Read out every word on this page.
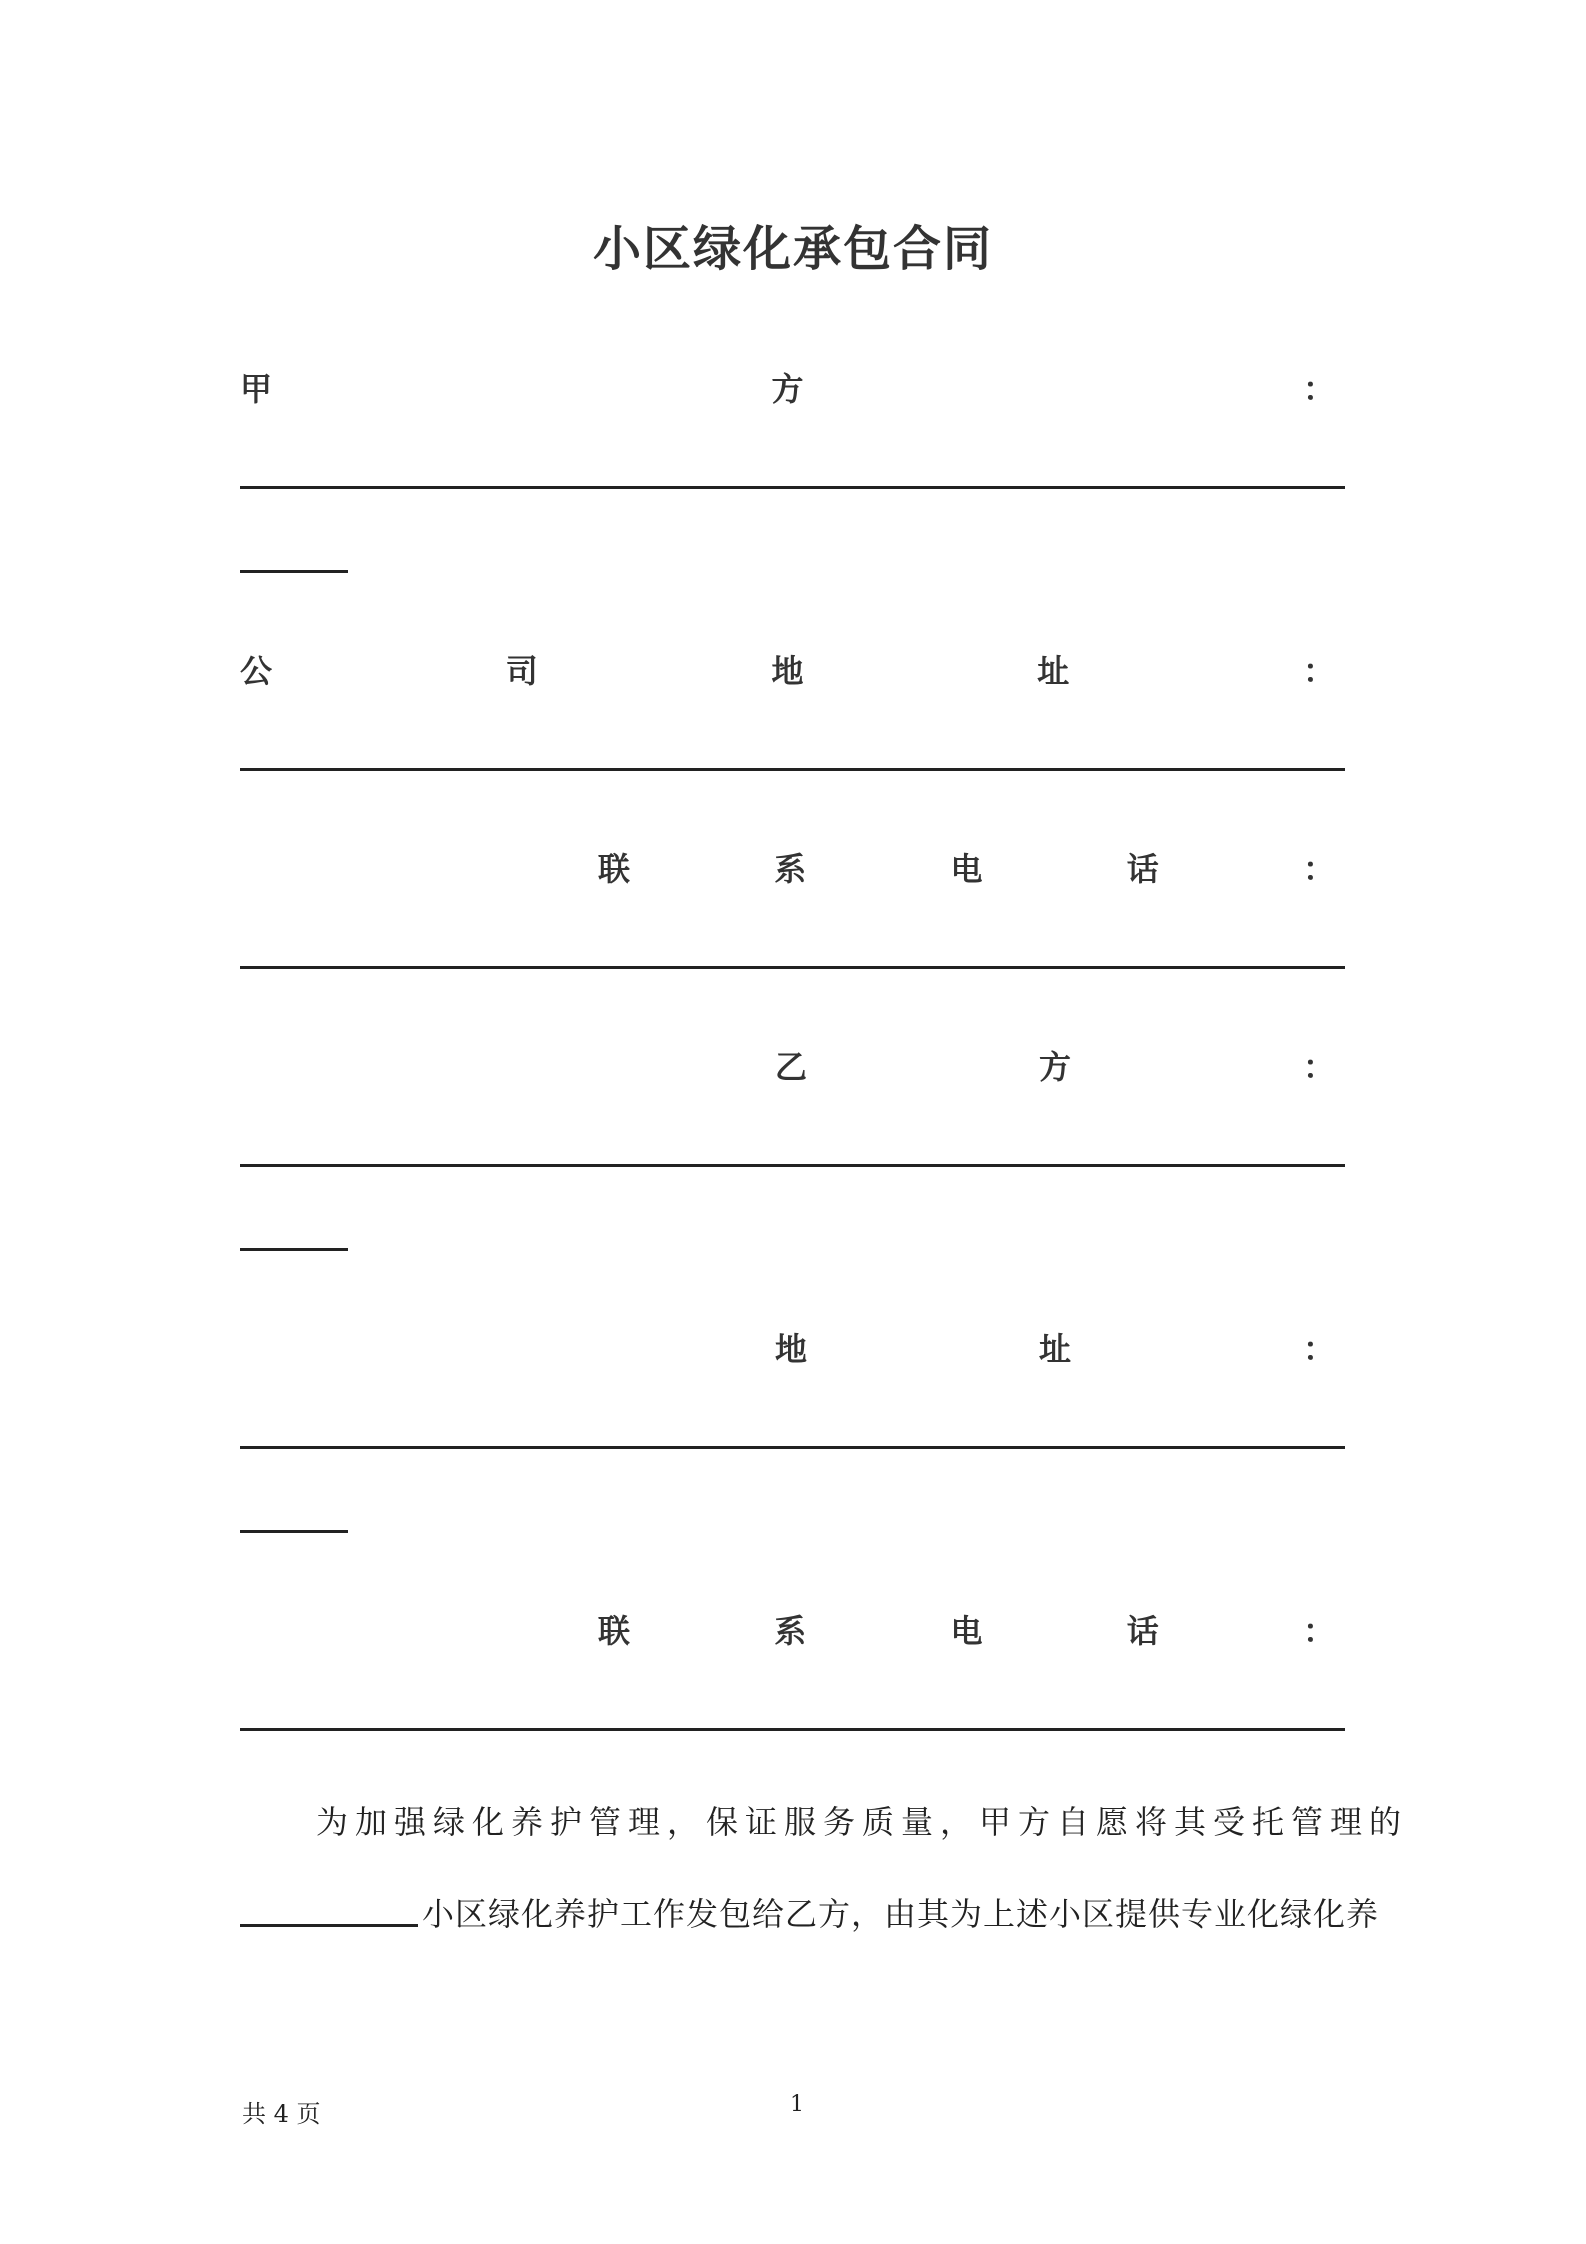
小区绿化承包合同
甲	方	：
公	司	地	址	：
联	系	电	话	：
乙	方	：
地	址	：
联	系	电	话	：
为加强绿化养护管理，保证服务质量，甲方自愿将其受托管理的
小区绿化养护工作发包给乙方，由其为上述小区提供专业化绿化养
共 4 页	1
